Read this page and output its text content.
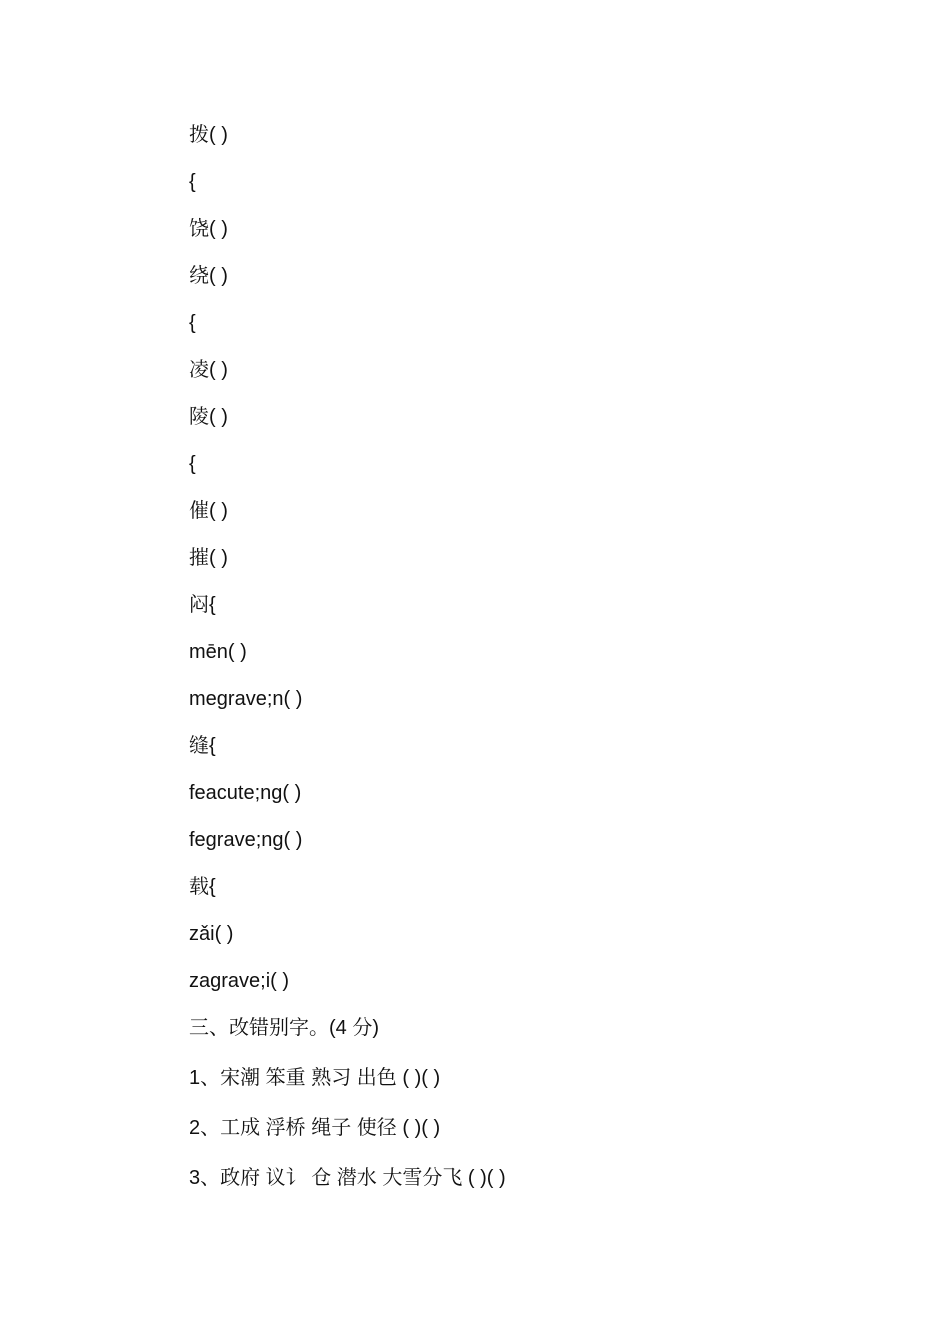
拨( )

{

饶( )

绕( )

{

凌( )

陵( )

{

催( )

摧( )

闷{

mēn( )

megrave;n( )

缝{

feacute;ng( )

fegrave;ng( )

载{

zǎi( )

zagrave;i( )

三、改错别字。(4 分)

1、宋潮 笨重 熟习 出色 ( )( )

2、工成 浮桥 绳子 使径 ( )( )

3、政府 议讠 仓 潜水 大雪分飞 ( )( )
